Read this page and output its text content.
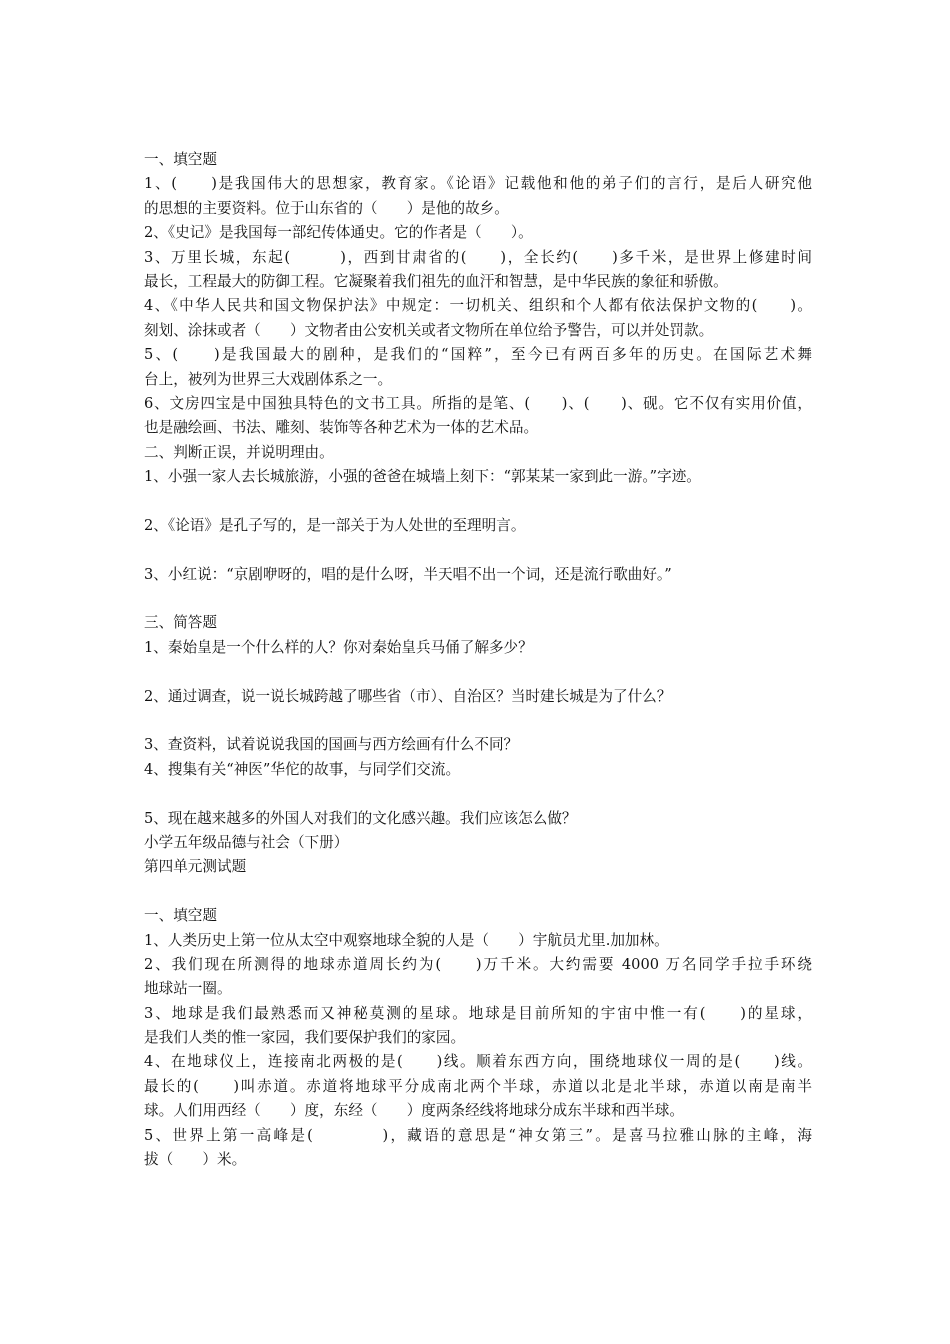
一、填空题
1、(　　)是我国伟大的思想家，教育家。《论语》记载他和他的弟子们的言行，是后人研究他
的思想的主要资料。位于山东省的（　　）是他的故乡。
2、《史记》是我国每一部纪传体通史。它的作者是（　　）。
3、万里长城，东起(　　　)，西到甘肃省的(　　)，全长约(　　)多千米，是世界上修建时间
最长，工程最大的防御工程。它凝聚着我们祖先的血汗和智慧，是中华民族的象征和骄傲。
4、《中华人民共和国文物保护法》中规定：一切机关、组织和个人都有依法保护文物的(　　)。
刻划、涂抹或者（　　）文物者由公安机关或者文物所在单位给予警告，可以并处罚款。
5、(　　)是我国最大的剧种，是我们的“国粹”，至今已有两百多年的历史。在国际艺术舞
台上，被列为世界三大戏剧体系之一。
6、文房四宝是中国独具特色的文书工具。所指的是笔、(　　)、(　　)、砚。它不仅有实用价值，
也是融绘画、书法、雕刻、装饰等各种艺术为一体的艺术品。
二、判断正误，并说明理由。
1、小强一家人去长城旅游，小强的爸爸在城墙上刻下：“郭某某一家到此一游。”字迹。
2、《论语》是孔子写的，是一部关于为人处世的至理明言。
3、小红说：“京剧咿呀的，唱的是什么呀，半天唱不出一个词，还是流行歌曲好。”
三、简答题
1、秦始皇是一个什么样的人？你对秦始皇兵马俑了解多少？
2、通过调查，说一说长城跨越了哪些省（市）、自治区？当时建长城是为了什么？
3、查资料，试着说说我国的国画与西方绘画有什么不同？
4、搜集有关“神医”华佗的故事，与同学们交流。
5、现在越来越多的外国人对我们的文化感兴趣。我们应该怎么做？
小学五年级品德与社会（下册）
第四单元测试题
一、填空题
1、人类历史上第一位从太空中观察地球全貌的人是（　　）宇航员尤里.加加林。
2、我们现在所测得的地球赤道周长约为(　　)万千米。大约需要 4000 万名同学手拉手环绕
地球站一圈。
3、地球是我们最熟悉而又神秘莫测的星球。地球是目前所知的宇宙中惟一有(　　)的星球，
是我们人类的惟一家园，我们要保护我们的家园。
4、在地球仪上，连接南北两极的是(　　)线。顺着东西方向，围绕地球仪一周的是(　　)线。
最长的(　　)叫赤道。赤道将地球平分成南北两个半球，赤道以北是北半球，赤道以南是南半
球。人们用西经（　　）度，东经（　　）度两条经线将地球分成东半球和西半球。
5、世界上第一高峰是(　　　　)，藏语的意思是“神女第三”。是喜马拉雅山脉的主峰，海
拔（　　）米。
